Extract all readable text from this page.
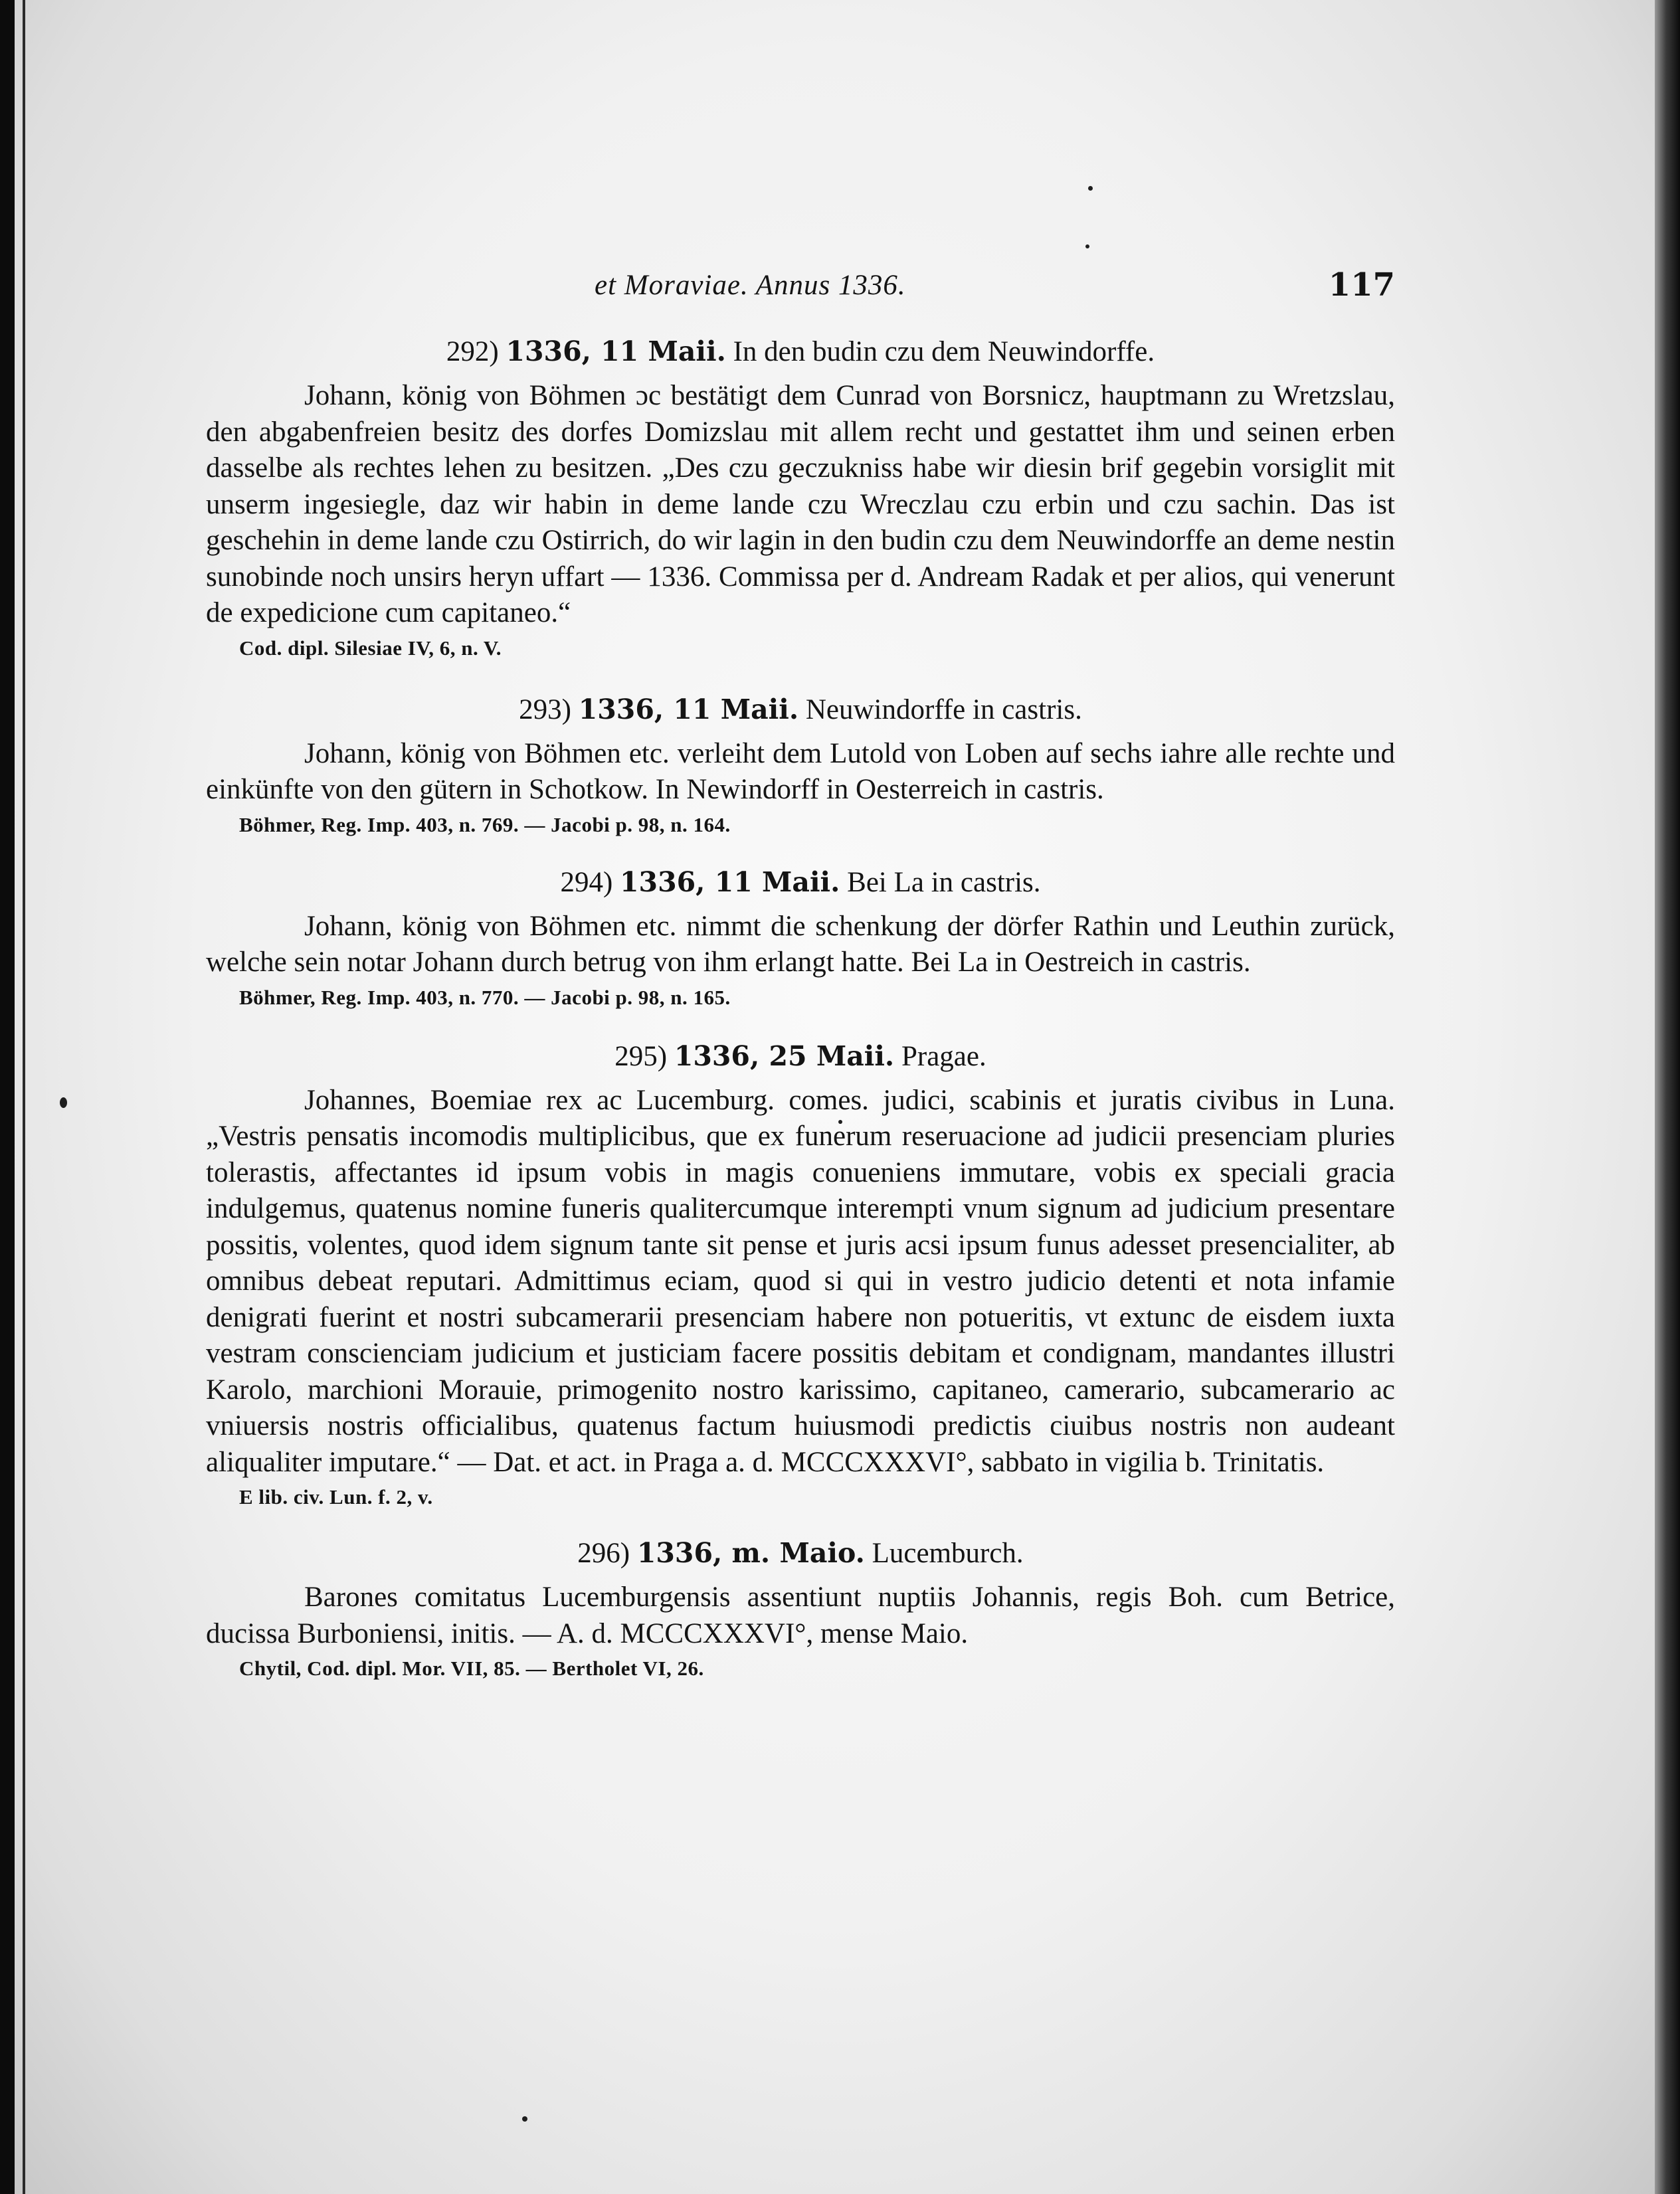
et Moraviae. Annus 1336.	117
292) 1336, 11 Maii. In den budin czu dem Neuwindorffe.

Johann, könig von Böhmen ɔc bestätigt dem Cunrad von Borsnicz, hauptmann zu Wretzslau, den abgabenfreien besitz des dorfes Domizslau mit allem recht und gestattet ihm und seinen erben dasselbe als rechtes lehen zu besitzen. „Des czu geczukniss habe wir diesin brif gegebin vorsiglit mit unserm ingesiegle, daz wir habin in deme lande czu Wreczlau czu erbin und czu sachin. Das ist geschehin in deme lande czu Ostirrich, do wir lagin in den budin czu dem Neuwindorffe an deme nestin sunobinde noch unsirs heryn uffart — 1336. Commissa per d. Andream Radak et per alios, qui venerunt de expedicione cum capitaneo.“

Cod. dipl. Silesiae IV, 6, n. V.
293) 1336, 11 Maii. Neuwindorffe in castris.

Johann, könig von Böhmen etc. verleiht dem Lutold von Loben auf sechs iahre alle rechte und einkünfte von den gütern in Schotkow. In Newindorff in Oesterreich in castris.

Böhmer, Reg. Imp. 403, n. 769. — Jacobi p. 98, n. 164.
294) 1336, 11 Maii. Bei La in castris.

Johann, könig von Böhmen etc. nimmt die schenkung der dörfer Rathin und Leuthin zurück, welche sein notar Johann durch betrug von ihm erlangt hatte. Bei La in Oestreich in castris.

Böhmer, Reg. Imp. 403, n. 770. — Jacobi p. 98, n. 165.
295) 1336, 25 Maii. Pragae.

Johannes, Boemiae rex ac Lucemburg. comes. judici, scabinis et juratis civibus in Luna. „Vestris pensatis incomodis multiplicibus, que ex funerum reseruacione ad judicii presenciam pluries tolerastis, affectantes id ipsum vobis in magis conueniens immutare, vobis ex speciali gracia indulgemus, quatenus nomine funeris qualitercumque interempti vnum signum ad judicium presentare possitis, volentes, quod idem signum tante sit pense et juris acsi ipsum funus adesset presencialiter, ab omnibus debeat reputari. Admittimus eciam, quod si qui in vestro judicio detenti et nota infamie denigrati fuerint et nostri subcamerarii presenciam habere non potueritis, vt extunc de eisdem iuxta vestram conscienciam judicium et justiciam facere possitis debitam et condignam, mandantes illustri Karolo, marchioni Morauie, primogenito nostro karissimo, capitaneo, camerario, subcamerario ac vniuersis nostris officialibus, quatenus factum huiusmodi predictis ciuibus nostris non audeant aliqualiter imputare.“ — Dat. et act. in Praga a. d. MCCCXXXVI°, sabbato in vigilia b. Trinitatis.

E lib. civ. Lun. f. 2, v.
296) 1336, m. Maio. Lucemburch.

Barones comitatus Lucemburgensis assentiunt nuptiis Johannis, regis Boh. cum Betrice, ducissa Burboniensi, initis. — A. d. MCCCXXXVI°, mense Maio.

Chytil, Cod. dipl. Mor. VII, 85. — Bertholet VI, 26.
